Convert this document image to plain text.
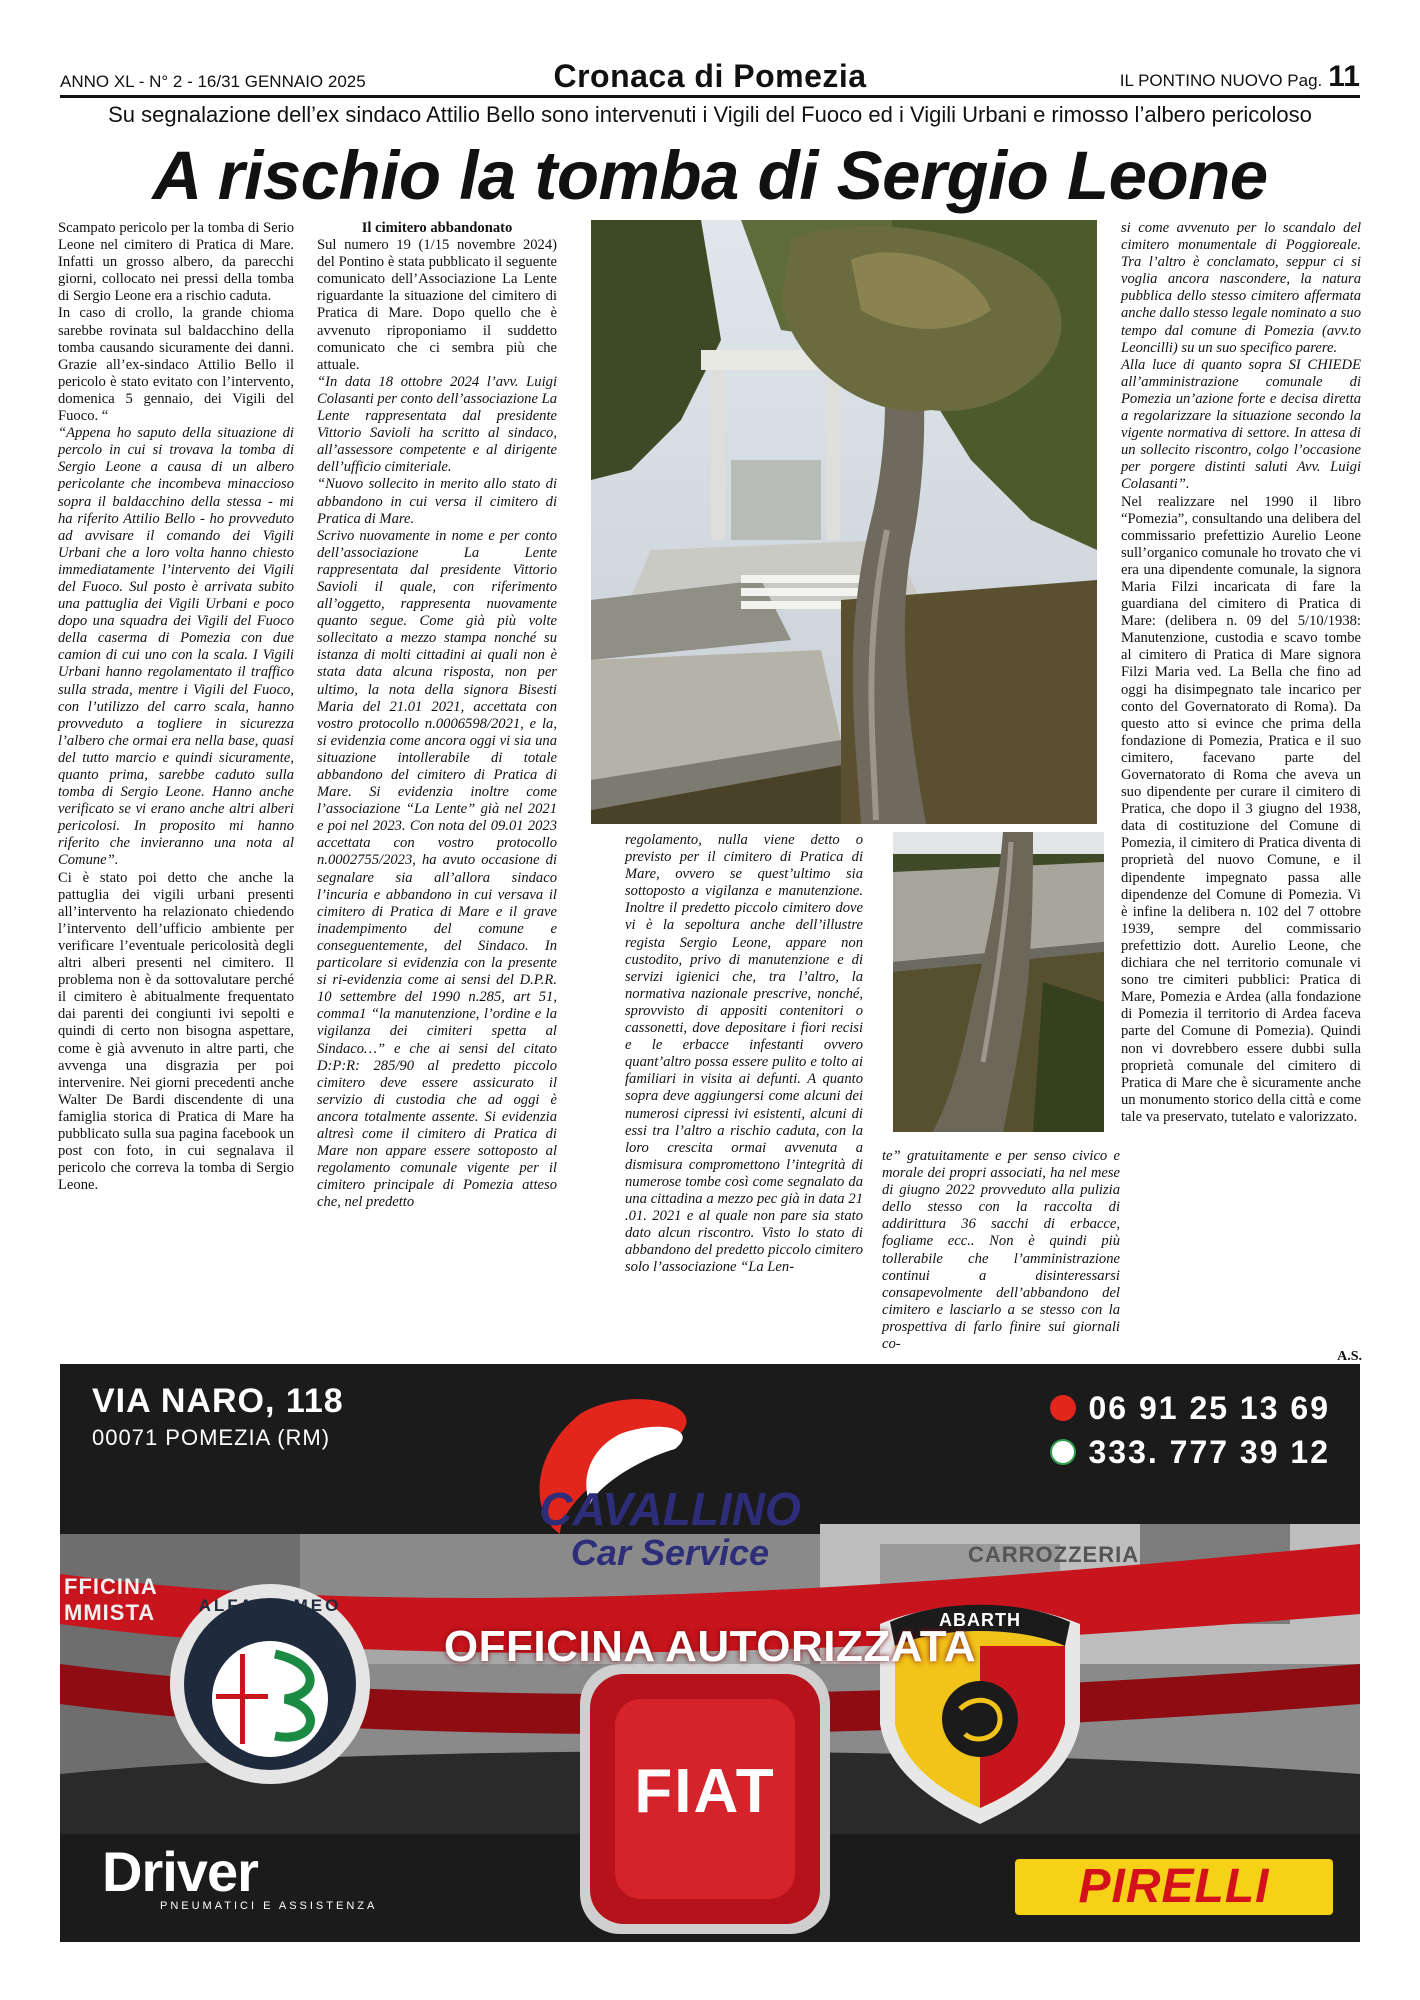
ANNO XL - N° 2 - 16/31 GENNAIO 2025	Cronaca di Pomezia	IL PONTINO NUOVO Pag. 11
Su segnalazione dell’ex sindaco Attilio Bello sono intervenuti i Vigili del Fuoco ed i Vigili Urbani e rimosso l’albero pericoloso
A rischio la tomba di Sergio Leone

Scampato pericolo per la tomba di Serio Leone nel cimitero di Pratica di Mare. Infatti un grosso albero, da parecchi giorni, collocato nei pressi della tomba di Sergio Leone era a rischio caduta.

In caso di crollo, la grande chioma sarebbe rovinata sul baldacchino della tomba causando sicuramente dei danni. Grazie all’ex-sindaco Attilio Bello il pericolo è stato evitato con l’intervento, domenica 5 gennaio, dei Vigili del Fuoco. “

“Appena ho saputo della situazione di percolo in cui si trovava la tomba di Sergio Leone a causa di un albero pericolante che incombeva minaccioso sopra il baldacchino della stessa - mi ha riferito Attilio Bello - ho provveduto ad avvisare il comando dei Vigili Urbani che a loro volta hanno chiesto immediatamente l’intervento dei Vigili del Fuoco. Sul posto è arrivata subito una pattuglia dei Vigili Urbani e poco dopo una squadra dei Vigili del Fuoco della caserma di Pomezia con due camion di cui uno con la scala. I Vigili Urbani hanno regolamentato il traffico sulla strada, mentre i Vigili del Fuoco, con l’utilizzo del carro scala, hanno provveduto a togliere in sicurezza l’albero che ormai era nella base, quasi del tutto marcio e quindi sicuramente, quanto prima, sarebbe caduto sulla tomba di Sergio Leone. Hanno anche verificato se vi erano anche altri alberi pericolosi. In proposito mi hanno riferito che invieranno una nota al Comune”.

Ci è stato poi detto che anche la pattuglia dei vigili urbani presenti all’intervento ha relazionato chiedendo l’intervento dell’ufficio ambiente per verificare l’eventuale pericolosità degli altri alberi presenti nel cimitero. Il problema non è da sottovalutare perché il cimitero è abitualmente frequentato dai parenti dei congiunti ivi sepolti e quindi di certo non bisogna aspettare, come è già avvenuto in altre parti, che avvenga una disgrazia per poi intervenire. Nei giorni precedenti anche Walter De Bardi discendente di una famiglia storica di Pratica di Mare ha pubblicato sulla sua pagina facebook un post con foto, in cui segnalava il pericolo che correva la tomba di Sergio Leone.

Il cimitero abbandonato

Sul numero 19 (1/15 novembre 2024) del Pontino è stata pubblicato il seguente comunicato dell’Associazione La Lente riguardante la situazione del cimitero di Pratica di Mare. Dopo quello che è avvenuto riproponiamo il suddetto comunicato che ci sembra più che attuale.

“In data 18 ottobre 2024 l’avv. Luigi Colasanti per conto dell’associazione La Lente rappresentata dal presidente Vittorio Savioli ha scritto al sindaco, all’assessore competente e al dirigente dell’ufficio cimiteriale.

“Nuovo sollecito in merito allo stato di abbandono in cui versa il cimitero di Pratica di Mare.

Scrivo nuovamente in nome e per conto dell’associazione La Lente rappresentata dal presidente Vittorio Savioli il quale, con riferimento all’oggetto, rappresenta nuovamente quanto segue. Come già più volte sollecitato a mezzo stampa nonché su istanza di molti cittadini ai quali non è stata data alcuna risposta, non per ultimo, la nota della signora Bisesti Maria del 21.01 2021, accettata con vostro protocollo n.0006598/2021, e la, si evidenzia come ancora oggi vi sia una situazione intollerabile di totale abbandono del cimitero di Pratica di Mare. Si evidenzia inoltre come l’associazione “La Lente” già nel 2021 e poi nel 2023. Con nota del 09.01 2023 accettata con vostro protocollo n.0002755/2023, ha avuto occasione di segnalare sia all’allora sindaco l’incuria e abbandono in cui versava il cimitero di Pratica di Mare e il grave inadempimento del comune e conseguentemente, del Sindaco. In particolare si evidenzia con la presente si ri-evidenzia come ai sensi del D.P.R. 10 settembre del 1990 n.285, art 51, comma1 “la manutenzione, l’ordine e la vigilanza dei cimiteri spetta al Sindaco…” e che ai sensi del citato D:P:R: 285/90 al predetto piccolo cimitero deve essere assicurato il servizio di custodia che ad oggi è ancora totalmente assente. Si evidenzia altresì come il cimitero di Pratica di Mare non appare essere sottoposto al regolamento comunale vigente per il cimitero principale di Pomezia atteso che, nel predetto

regolamento, nulla viene detto o previsto per il cimitero di Pratica di Mare, ovvero se quest’ultimo sia sottoposto a vigilanza e manutenzione. Inoltre il predetto piccolo cimitero dove vi è la sepoltura anche dell’illustre regista Sergio Leone, appare non custodito, privo di manutenzione e di servizi igienici che, tra l’altro, la normativa nazionale prescrive, nonché, sprovvisto di appositi contenitori o cassonetti, dove depositare i fiori recisi e le erbacce infestanti ovvero quant’altro possa essere pulito e tolto ai familiari in visita ai defunti. A quanto sopra deve aggiungersi come alcuni dei numerosi cipressi ivi esistenti, alcuni di essi tra l’altro a rischio caduta, con la loro crescita ormai avvenuta a dismisura compromettono l’integrità di numerose tombe così come segnalato da una cittadina a mezzo pec già in data 21 .01. 2021 e al quale non pare sia stato dato alcun riscontro. Visto lo stato di abbandono del predetto piccolo cimitero solo l’associazione “La Len-

te” gratuitamente e per senso civico e morale dei propri associati, ha nel mese di giugno 2022 provveduto alla pulizia dello stesso con la raccolta di addirittura 36 sacchi di erbacce, fogliame ecc.. Non è quindi più tollerabile che l’amministrazione continui a disinteressarsi consapevolmente dell’abbandono del cimitero e lasciarlo a se stesso con la prospettiva di farlo finire sui giornali co-

si come avvenuto per lo scandalo del cimitero monumentale di Poggioreale. Tra l’altro è conclamato, seppur ci si voglia ancora nascondere, la natura pubblica dello stesso cimitero affermata anche dallo stesso legale nominato a suo tempo dal comune di Pomezia (avv.to Leoncilli) su un suo specifico parere.

Alla luce di quanto sopra SI CHIEDE all’amministrazione comunale di Pomezia un’azione forte e decisa diretta a regolarizzare la situazione secondo la vigente normativa di settore. In attesa di un sollecito riscontro, colgo l’occasione per porgere distinti saluti Avv. Luigi Colasanti”.

Nel realizzare nel 1990 il libro “Pomezia”, consultando una delibera del commissario prefettizio Aurelio Leone sull’organico comunale ho trovato che vi era una dipendente comunale, la signora Maria Filzi incaricata di fare la guardiana del cimitero di Pratica di Mare: (delibera n. 09 del 5/10/1938: Manutenzione, custodia e scavo tombe al cimitero di Pratica di Mare signora Filzi Maria ved. La Bella che fino ad oggi ha disimpegnato tale incarico per conto del Governatorato di Roma). Da questo atto si evince che prima della fondazione di Pomezia, Pratica e il suo cimitero, facevano parte del Governatorato di Roma che aveva un suo dipendente per curare il cimitero di Pratica, che dopo il 3 giugno del 1938, data di costituzione del Comune di Pomezia, il cimitero di Pratica diventa di proprietà del nuovo Comune, e il dipendente impegnato passa alle dipendenze del Comune di Pomezia. Vi è infine la delibera n. 102 del 7 ottobre 1939, sempre del commissario prefettizio dott. Aurelio Leone, che dichiara che nel territorio comunale vi sono tre cimiteri pubblici: Pratica di Mare, Pomezia e Ardea (alla fondazione di Pomezia il territorio di Ardea faceva parte del Comune di Pomezia). Quindi non vi dovrebbero essere dubbi sulla proprietà comunale del cimitero di Pratica di Mare che è sicuramente anche un monumento storico della città e come tale va preservato, tutelato e valorizzato.

A.S.
VIA NARO, 118
00071 POMEZIA (RM)
06 91 25 13 69
333. 777 39 12
CAVALLINO
Car Service	CARROZZERIA
FFICINA
MMISTA
OFFICINA AUTORIZZATA
ALFA ROMEO
ABARTH
FIAT
Driver
PNEUMATICI E ASSISTENZA	PIRELLI
